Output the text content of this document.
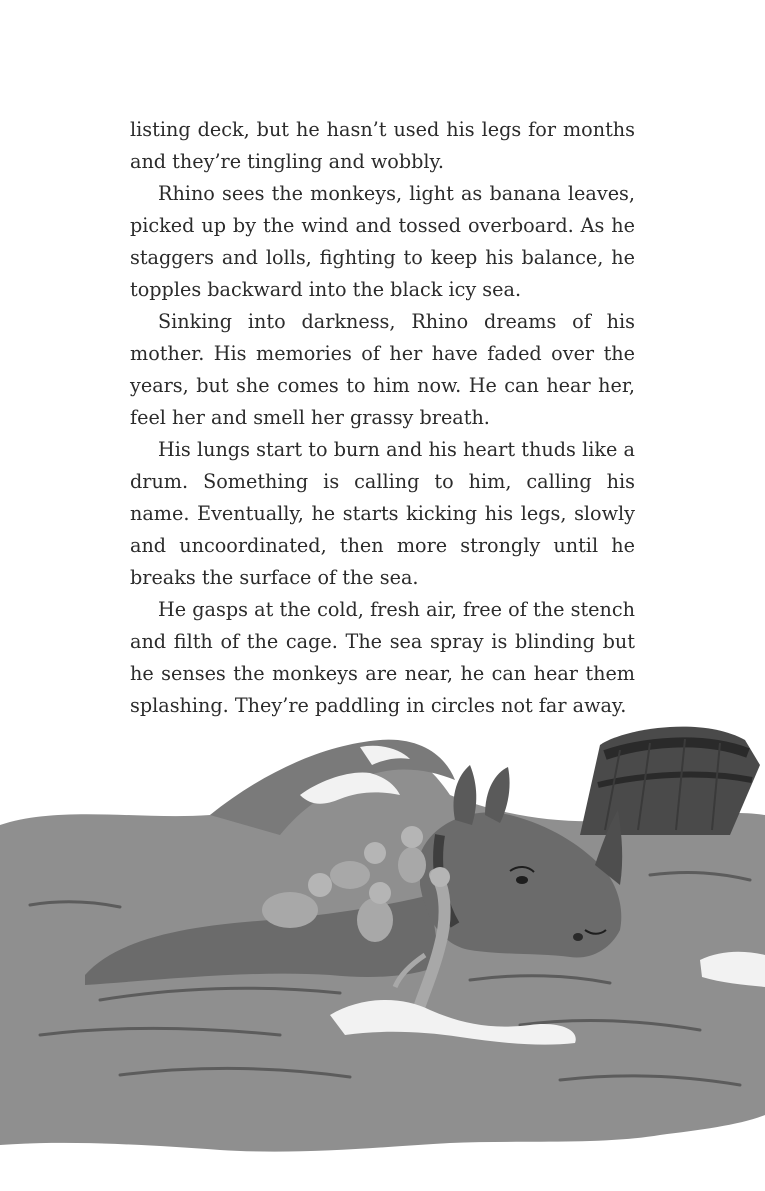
listing deck, but he hasn’t used his legs for months and they’re tingling and wobbly.

Rhino sees the monkeys, light as banana leaves, picked up by the wind and tossed overboard. As he staggers and lolls, fighting to keep his balance, he topples backward into the black icy sea.

Sinking into darkness, Rhino dreams of his mother. His memories of her have faded over the years, but she comes to him now. He can hear her, feel her and smell her grassy breath.

His lungs start to burn and his heart thuds like a drum. Something is calling to him, calling his name. Eventually, he starts kicking his legs, slowly and uncoordinated, then more strongly until he breaks the surface of the sea.

He gasps at the cold, fresh air, free of the stench and filth of the cage. The sea spray is blinding but he senses the monkeys are near, he can hear them splashing. They’re paddling in circles not far away.
